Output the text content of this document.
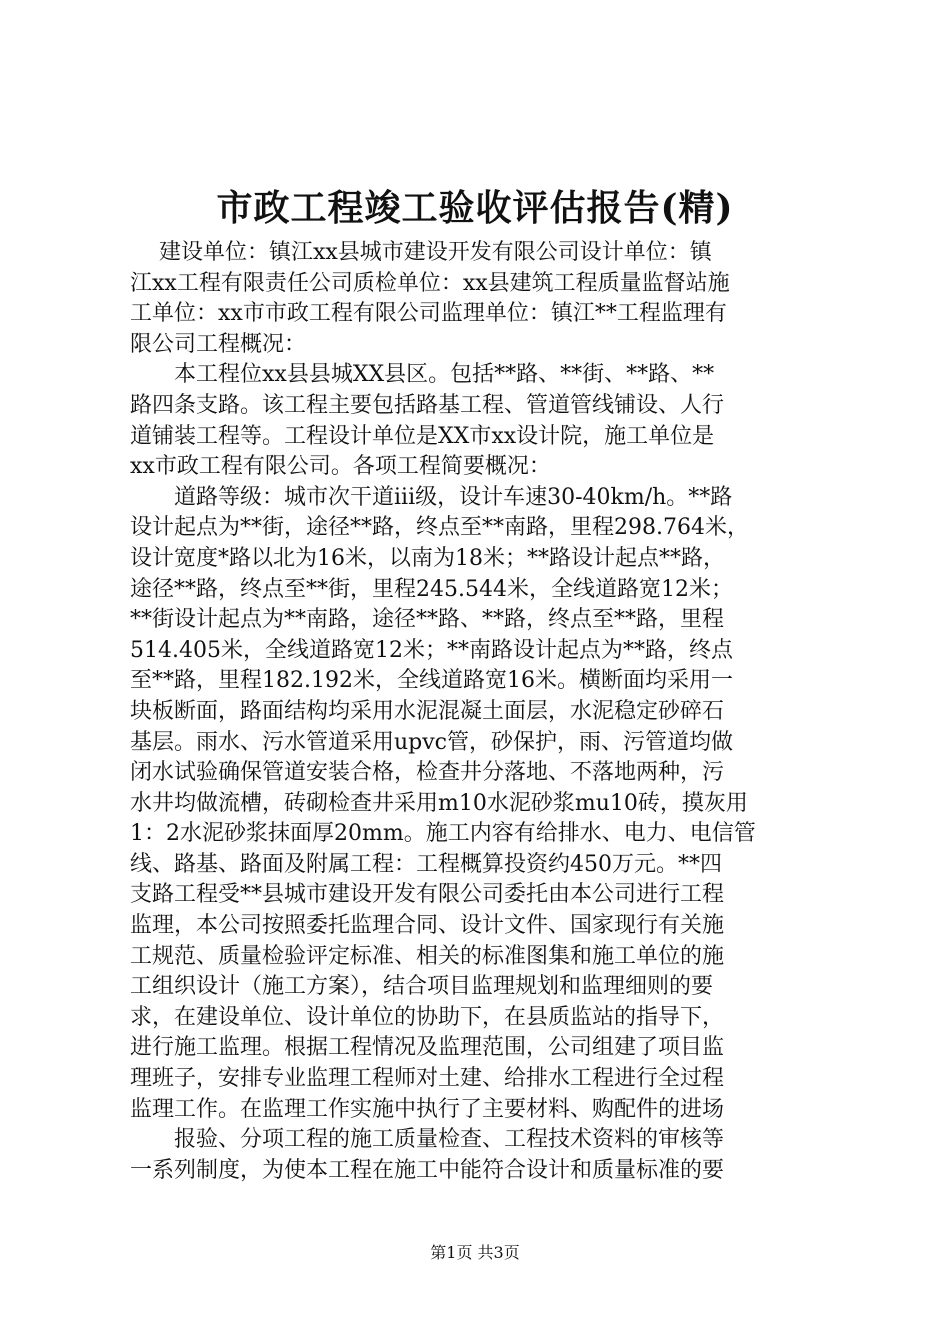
市政工程竣工验收评估报告(精)

　 建设单位：镇江xx县城市建设开发有限公司设计单位：镇

江xx工程有限责任公司质检单位：xx县建筑工程质量监督站施

工单位：xx市市政工程有限公司监理单位：镇江**工程监理有

限公司工程概况：

　　本工程位xx县县城XX县区。包括**路、**街、**路、**

路四条支路。该工程主要包括路基工程、管道管线铺设、人行

道铺装工程等。工程设计单位是XX市xx设计院，施工单位是

xx市政工程有限公司。各项工程简要概况：

　　道路等级：城市次干道iii级，设计车速30-40km/h。**路

设计起点为**街，途径**路，终点至**南路，里程298.764米，

设计宽度*路以北为16米，以南为18米；**路设计起点**路，

途径**路，终点至**街，里程245.544米，全线道路宽12米；

**街设计起点为**南路，途径**路、**路，终点至**路，里程

514.405米，全线道路宽12米；**南路设计起点为**路，终点

至**路，里程182.192米，全线道路宽16米。横断面均采用一

块板断面，路面结构均采用水泥混凝土面层，水泥稳定砂碎石

基层。雨水、污水管道采用upvc管，砂保护，雨、污管道均做

闭水试验确保管道安装合格，检查井分落地、不落地两种，污

水井均做流槽，砖砌检查井采用m10水泥砂浆mu10砖，摸灰用

1：2水泥砂浆抹面厚20mm。施工内容有给排水、电力、电信管

线、路基、路面及附属工程：工程概算投资约450万元。**四

支路工程受**县城市建设开发有限公司委托由本公司进行工程

监理，本公司按照委托监理合同、设计文件、国家现行有关施

工规范、质量检验评定标准、相关的标准图集和施工单位的施

工组织设计（施工方案），结合项目监理规划和监理细则的要

求，在建设单位、设计单位的协助下，在县质监站的指导下，

进行施工监理。根据工程情况及监理范围，公司组建了项目监

理班子，安排专业监理工程师对土建、给排水工程进行全过程

监理工作。在监理工作实施中执行了主要材料、购配件的进场

　　报验、分项工程的施工质量检查、工程技术资料的审核等

一系列制度，为使本工程在施工中能符合设计和质量标准的要

第1页 共3页
